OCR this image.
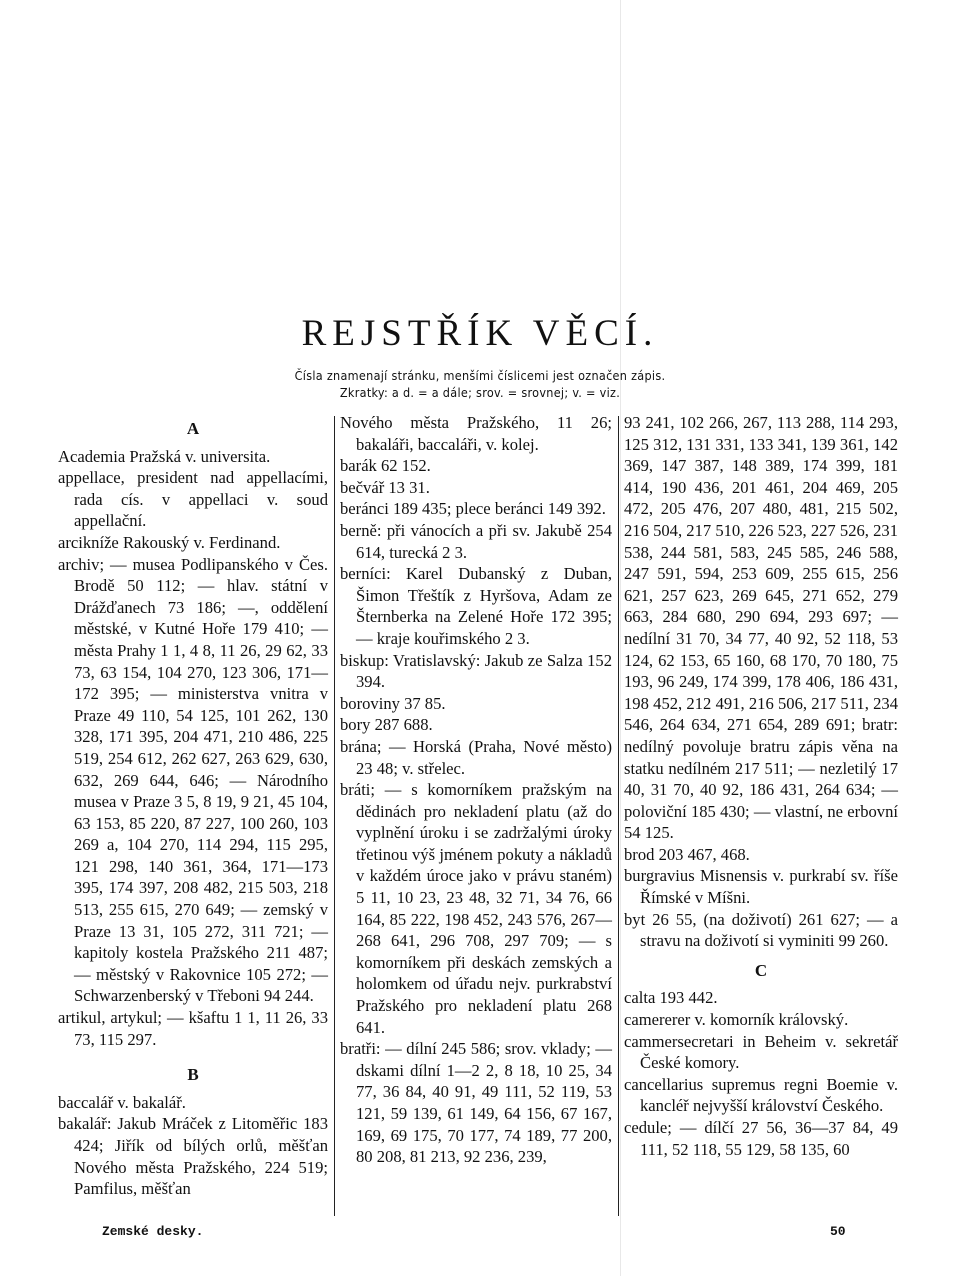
REJSTŘÍK VĚCÍ.
Čísla znamenají stránku, menšími číslicemi jest označen zápis.
Zkratky: a d. = a dále; srov. = srovnej; v. = viz.
A

Academia Pražská v. universita.

appellace, president nad appellacími, rada cís. v appellaci v. soud appellační.

arcikníže Rakouský v. Ferdinand.

archiv; — musea Podlipanského v Čes. Brodě 50 112; — hlav. státní v Drážďanech 73 186; —, oddělení městské, v Kutné Hoře 179 410; — města Prahy 1 1, 4 8, 11 26, 29 62, 33 73, 63 154, 104 270, 123 306, 171—172 395; — ministerstva vnitra v Praze 49 110, 54 125, 101 262, 130 328, 171 395, 204 471, 210 486, 225 519, 254 612, 262 627, 263 629, 630, 632, 269 644, 646; — Národního musea v Praze 3 5, 8 19, 9 21, 45 104, 63 153, 85 220, 87 227, 100 260, 103 269 a, 104 270, 114 294, 115 295, 121 298, 140 361, 364, 171—173 395, 174 397, 208 482, 215 503, 218 513, 255 615, 270 649; — zemský v Praze 13 31, 105 272, 311 721; — kapitoly kostela Pražského 211 487; — městský v Rakovnice 105 272; — Schwarzenberský v Třeboni 94 244.

artikul, artykul; — kšaftu 1 1, 11 26, 33 73, 115 297.

B

baccalář v. bakalář.

bakalář: Jakub Mráček z Litoměřic 183 424; Jiřík od bílých orlů, měšťan Nového města Pražského, 224 519; Pamfilus, měšťan

Nového města Pražského, 11 26; bakaláři, baccaláři, v. kolej.

barák 62 152.

bečvář 13 31.

beránci 189 435; plece beránci 149 392.

berně: při vánocích a při sv. Jakubě 254 614, turecká 2 3.

berníci: Karel Dubanský z Duban, Šimon Třeštík z Hyršova, Adam ze Šternberka na Zelené Hoře 172 395; — kraje kouřimského 2 3.

biskup: Vratislavský: Jakub ze Salza 152 394.

boroviny 37 85.

bory 287 688.

brána; — Horská (Praha, Nové město) 23 48; v. střelec.

bráti; — s komorníkem pražským na dědinách pro nekladení platu (až do vyplnění úroku i se zadržalými úroky třetinou výš jménem pokuty a nákladů v každém úroce jako v právu staném) 5 11, 10 23, 23 48, 32 71, 34 76, 66 164, 85 222, 198 452, 243 576, 267—268 641, 296 708, 297 709; — s komorníkem při deskách zemských a holomkem od úřadu nejv. purkrabství Pražského pro nekladení platu 268 641.

bratři: — dílní 245 586; srov. vklady; — dskami dílní 1—2 2, 8 18, 10 25, 34 77, 36 84, 40 91, 49 111, 52 119, 53 121, 59 139, 61 149, 64 156, 67 167, 169, 69 175, 70 177, 74 189, 77 200, 80 208, 81 213, 92 236, 239,

93 241, 102 266, 267, 113 288, 114 293, 125 312, 131 331, 133 341, 139 361, 142 369, 147 387, 148 389, 174 399, 181 414, 190 436, 201 461, 204 469, 205 472, 205 476, 207 480, 481, 215 502, 216 504, 217 510, 226 523, 227 526, 231 538, 244 581, 583, 245 585, 246 588, 247 591, 594, 253 609, 255 615, 256 621, 257 623, 269 645, 271 652, 279 663, 284 680, 290 694, 293 697; — nedílní 31 70, 34 77, 40 92, 52 118, 53 124, 62 153, 65 160, 68 170, 70 180, 75 193, 96 249, 174 399, 178 406, 186 431, 198 452, 212 491, 216 506, 217 511, 234 546, 264 634, 271 654, 289 691; bratr: nedílný povoluje bratru zápis věna na statku nedílném 217 511; — nezletilý 17 40, 31 70, 40 92, 186 431, 264 634; — poloviční 185 430; — vlastní, ne erbovní 54 125.

brod 203 467, 468.

burgravius Misnensis v. purkrabí sv. říše Římské v Míšni.

byt 26 55, (na doživotí) 261 627; — a stravu na doživotí si vyminiti 99 260.

C

calta 193 442.

camererer v. komorník královský.

cammersecretari in Beheim v. sekretář České komory.

cancellarius supremus regni Boemie v. kancléř nejvyšší království Českého.

cedule; — dílčí 27 56, 36—37 84, 49 111, 52 118, 55 129, 58 135, 60

Zemské desky.	50
